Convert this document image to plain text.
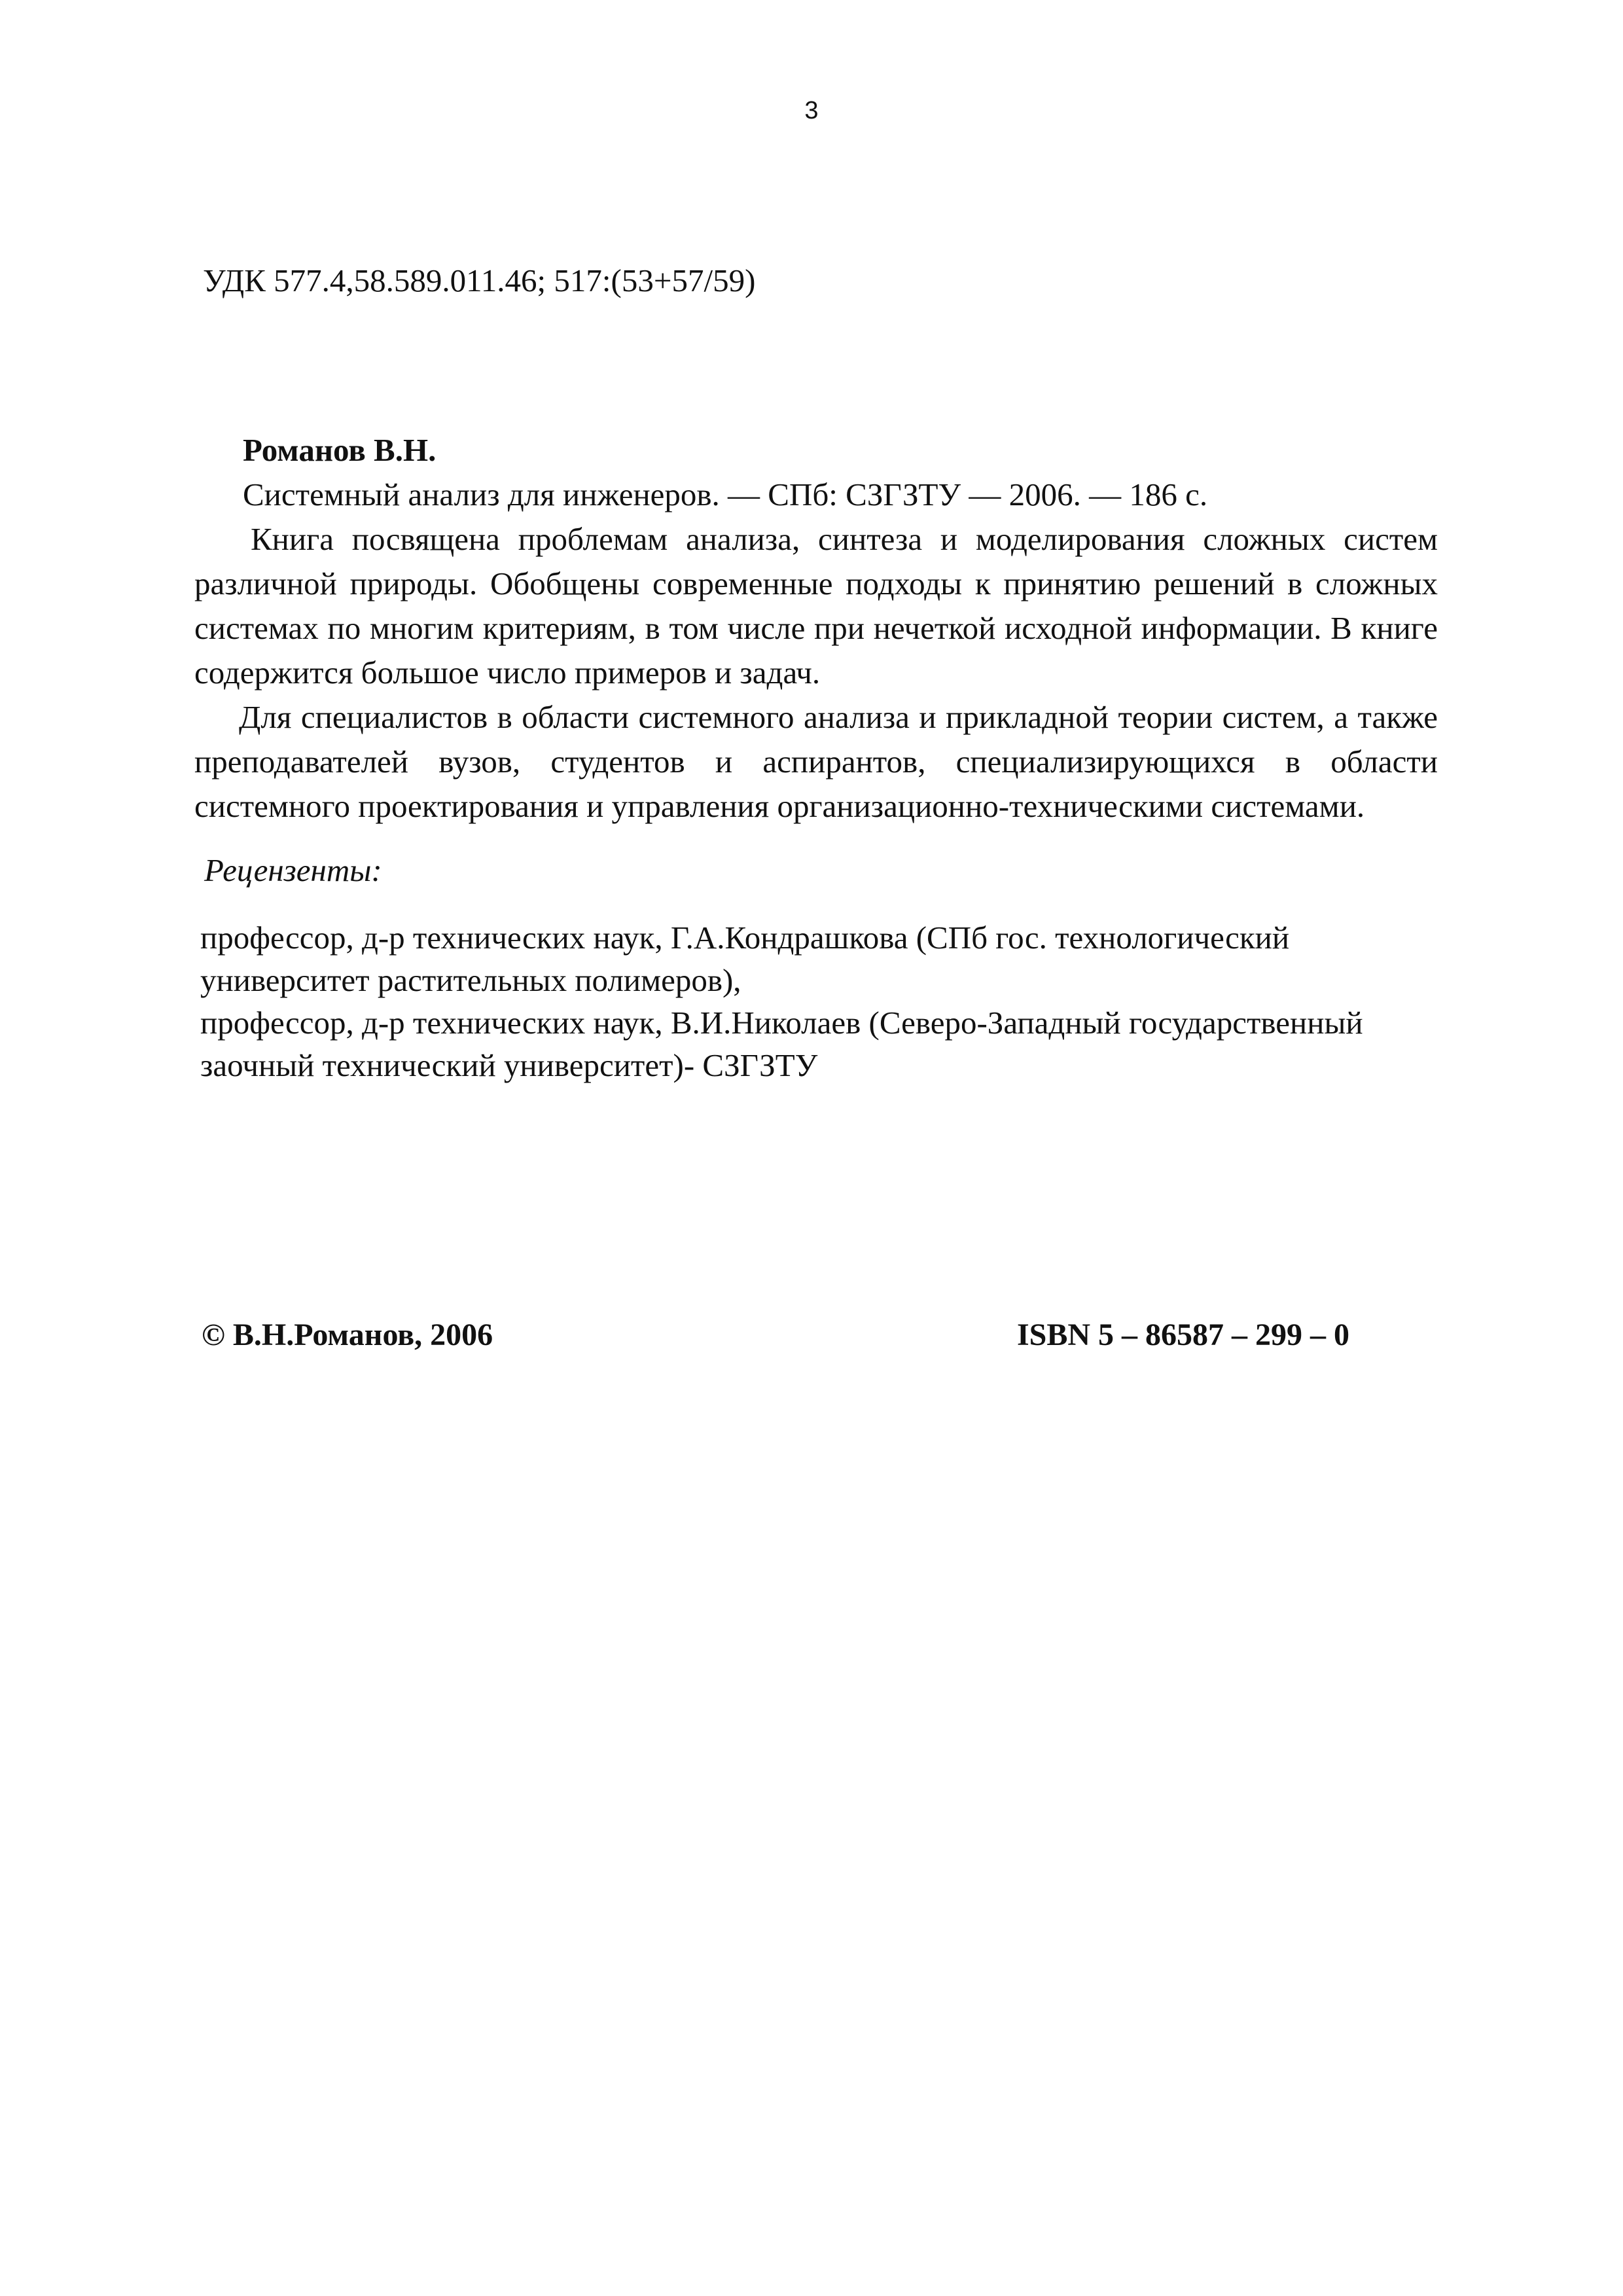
3
УДК 577.4,58.589.011.46; 517:(53+57/59)

Романов В.Н.

Системный анализ для инженеров. — СПб: СЗГЗТУ — 2006. — 186 с.

Книга посвящена проблемам анализа, синтеза и моделирования сложных систем различной природы. Обобщены современные подходы к принятию решений в сложных системах по многим критериям, в том числе при нечеткой исходной информации. В книге содержится большое число примеров и задач.

Для специалистов в области системного анализа и прикладной теории систем, а также преподавателей вузов, студентов и аспирантов, специализирующихся в области системного проектирования и управления организационно-техническими системами.

Рецензенты:

профессор, д-р технических наук, Г.А.Кондрашкова (СПб гос. технологический университет растительных полимеров),

профессор, д-р технических наук, В.И.Николаев (Северо-Западный государственный заочный технический университет)- СЗГЗТУ

© В.Н.Романов, 2006	ISBN 5 – 86587 – 299 – 0
